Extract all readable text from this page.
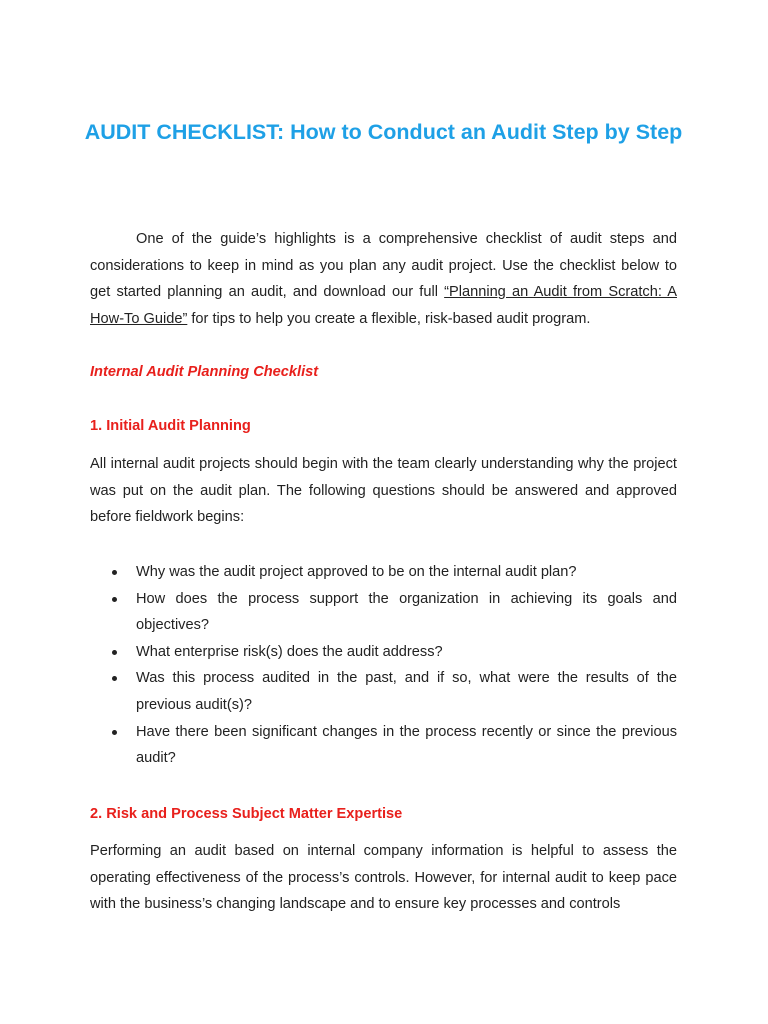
AUDIT CHECKLIST: How to Conduct an Audit Step by Step

One of the guide’s highlights is a comprehensive checklist of audit steps and considerations to keep in mind as you plan any audit project. Use the checklist below to get started planning an audit, and download our full “Planning an Audit from Scratch: A How-To Guide” for tips to help you create a flexible, risk-based audit program.

Internal Audit Planning Checklist
1. Initial Audit Planning

All internal audit projects should begin with the team clearly understanding why the project was put on the audit plan. The following questions should be answered and approved before fieldwork begins:

Why was the audit project approved to be on the internal audit plan?
How does the process support the organization in achieving its goals and objectives?
What enterprise risk(s) does the audit address?
Was this process audited in the past, and if so, what were the results of the previous audit(s)?
Have there been significant changes in the process recently or since the previous audit?
2. Risk and Process Subject Matter Expertise

Performing an audit based on internal company information is helpful to assess the operating effectiveness of the process’s controls. However, for internal audit to keep pace with the business’s changing landscape and to ensure key processes and controls
